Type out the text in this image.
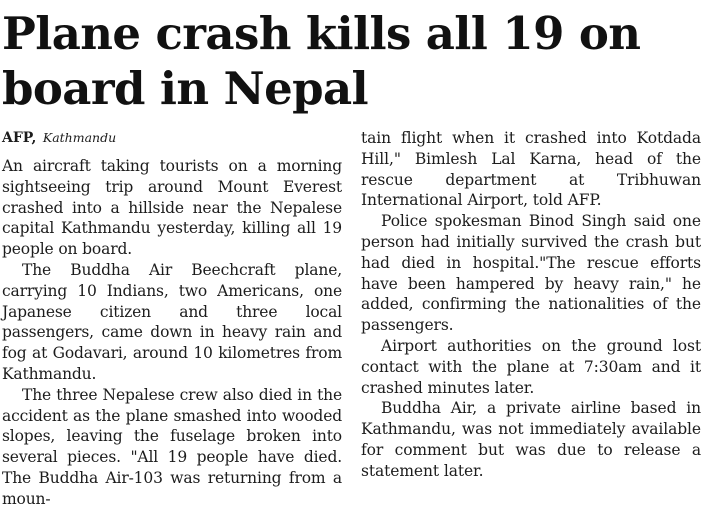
Plane crash kills all 19 on board in Nepal
AFP, Kathmandu

An aircraft taking tourists on a morning sightseeing trip around Mount Everest crashed into a hillside near the Nepalese capital Kathmandu yesterday, killing all 19 people on board.

The Buddha Air Beechcraft plane, carrying 10 Indians, two Americans, one Japanese citizen and three local passengers, came down in heavy rain and fog at Godavari, around 10 kilometres from Kathmandu.

The three Nepalese crew also died in the accident as the plane smashed into wooded slopes, leaving the fuselage broken into several pieces. "All 19 people have died. The Buddha Air-103 was returning from a moun-

tain flight when it crashed into Kotdada Hill," Bimlesh Lal Karna, head of the rescue department at Tribhuwan International Airport, told AFP.

Police spokesman Binod Singh said one person had initially survived the crash but had died in hospital."The rescue efforts have been hampered by heavy rain," he added, confirming the nationalities of the passengers.

Airport authorities on the ground lost contact with the plane at 7:30am and it crashed minutes later.

Buddha Air, a private airline based in Kathmandu, was not immediately available for comment but was due to release a statement later.
